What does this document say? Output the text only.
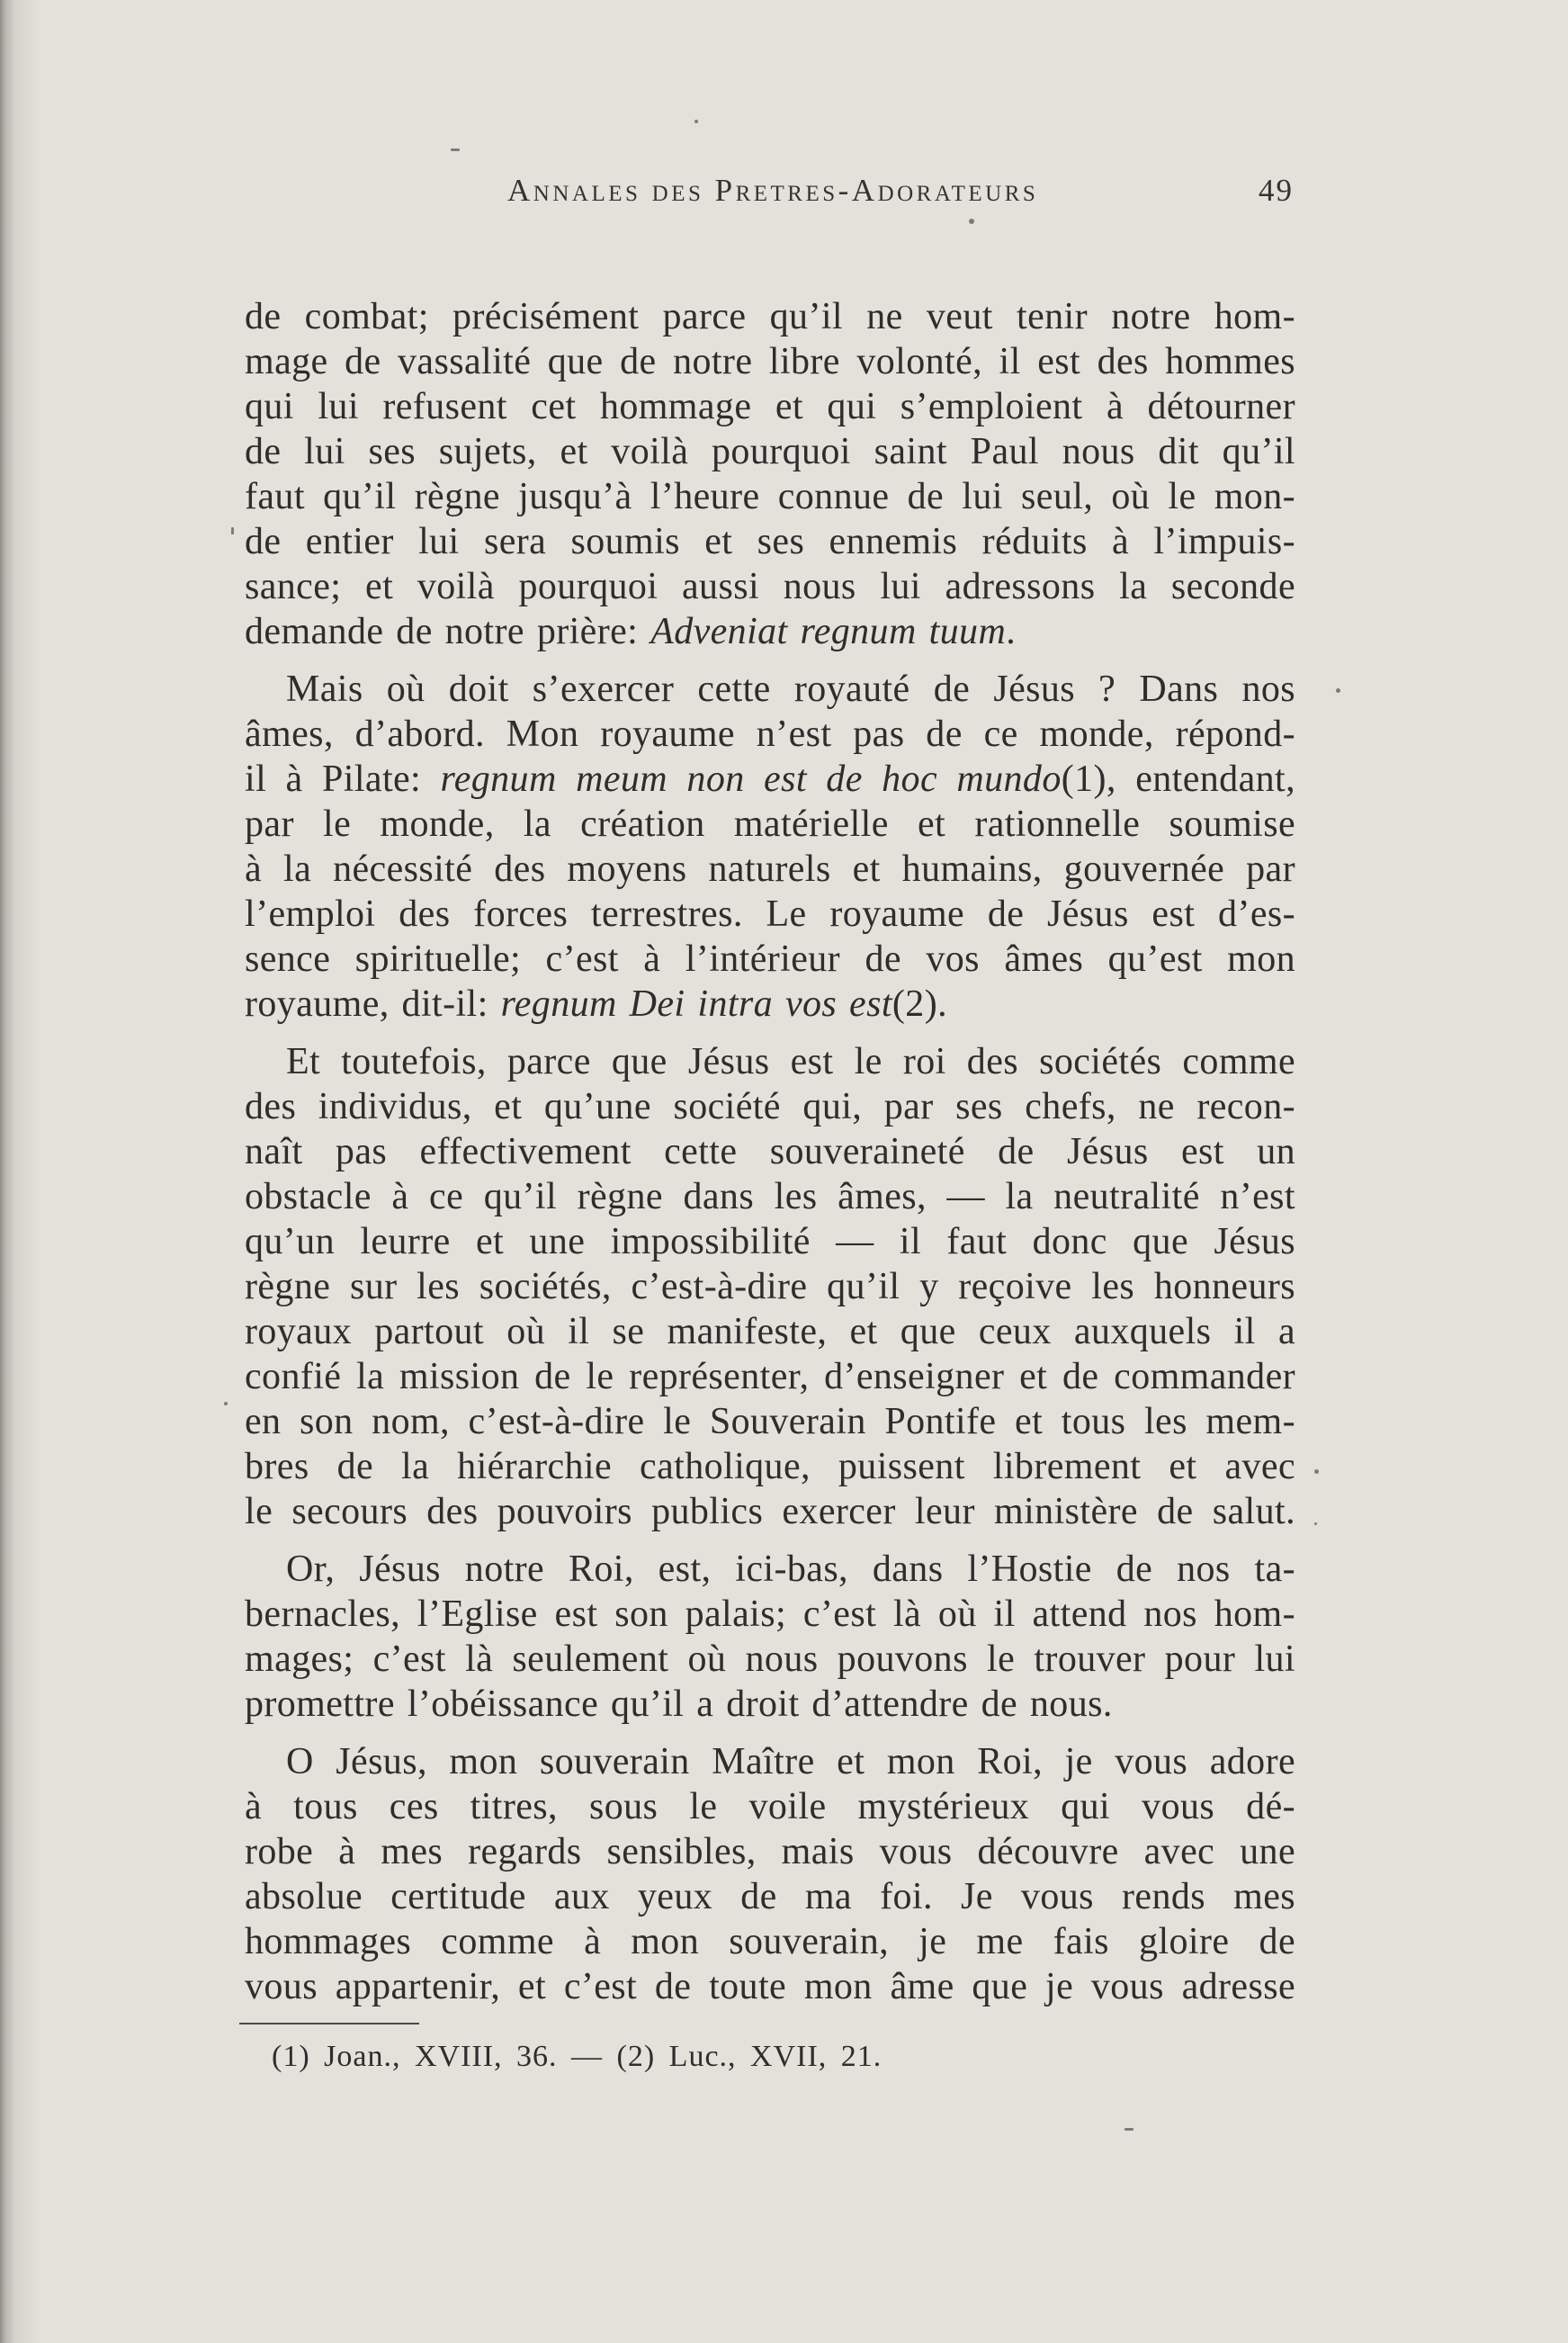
Annales des Pretres-Adorateurs	49
de combat; précisément parce qu’il ne veut tenir notre hom-
mage de vassalité que de notre libre volonté, il est des hommes
qui lui refusent cet hommage et qui s’emploient à détourner
de lui ses sujets, et voilà pourquoi saint Paul nous dit qu’il
faut qu’il règne jusqu’à l’heure connue de lui seul, où le mon-
de entier lui sera soumis et ses ennemis réduits à l’impuis-
sance; et voilà pourquoi aussi nous lui adressons la seconde
demande de notre prière: Adveniat regnum tuum.
Mais où doit s’exercer cette royauté de Jésus ? Dans nos
âmes, d’abord. Mon royaume n’est pas de ce monde, répond-
il à Pilate: regnum meum non est de hoc mundo(1), entendant,
par le monde, la création matérielle et rationnelle soumise
à la nécessité des moyens naturels et humains, gouvernée par
l’emploi des forces terrestres. Le royaume de Jésus est d’es-
sence spirituelle; c’est à l’intérieur de vos âmes qu’est mon
royaume, dit-il: regnum Dei intra vos est(2).
Et toutefois, parce que Jésus est le roi des sociétés comme
des individus, et qu’une société qui, par ses chefs, ne recon-
naît pas effectivement cette souveraineté de Jésus est un
obstacle à ce qu’il règne dans les âmes, — la neutralité n’est
qu’un leurre et une impossibilité — il faut donc que Jésus
règne sur les sociétés, c’est-à-dire qu’il y reçoive les honneurs
royaux partout où il se manifeste, et que ceux auxquels il a
confié la mission de le représenter, d’enseigner et de commander
en son nom, c’est-à-dire le Souverain Pontife et tous les mem-
bres de la hiérarchie catholique, puissent librement et avec
le secours des pouvoirs publics exercer leur ministère de salut.
Or, Jésus notre Roi, est, ici-bas, dans l’Hostie de nos ta-
bernacles, l’Eglise est son palais; c’est là où il attend nos hom-
mages; c’est là seulement où nous pouvons le trouver pour lui
promettre l’obéissance qu’il a droit d’attendre de nous.
O Jésus, mon souverain Maître et mon Roi, je vous adore
à tous ces titres, sous le voile mystérieux qui vous dé-
robe à mes regards sensibles, mais vous découvre avec une
absolue certitude aux yeux de ma foi. Je vous rends mes
hommages comme à mon souverain, je me fais gloire de
vous appartenir, et c’est de toute mon âme que je vous adresse
(1) Joan., XVIII, 36. — (2) Luc., XVII, 21.
